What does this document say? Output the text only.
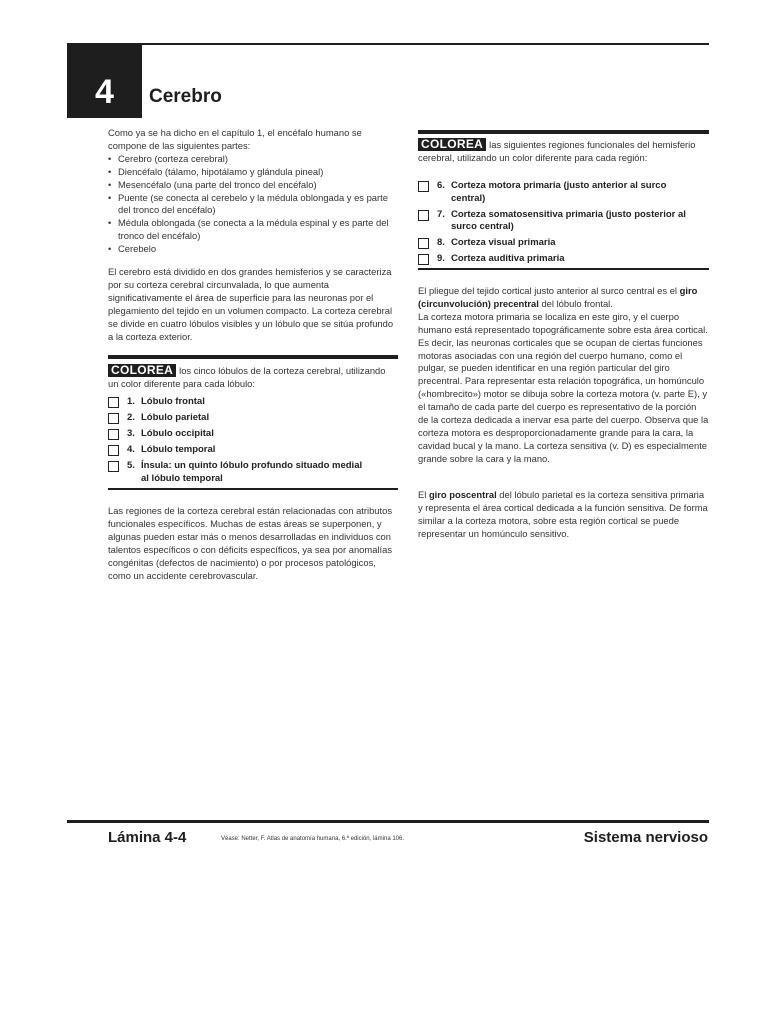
4	Cerebro
Como ya se ha dicho en el capítulo 1, el encéfalo humano se compone de las siguientes partes:
• Cerebro (corteza cerebral)
• Diencéfalo (tálamo, hipotálamo y glándula pineal)
• Mesencéfalo (una parte del tronco del encéfalo)
• Puente (se conecta al cerebelo y la médula oblongada y es parte del tronco del encéfalo)
• Médula oblongada (se conecta a la médula espinal y es parte del tronco del encéfalo)
• Cerebelo
El cerebro está dividido en dos grandes hemisferios y se caracteriza por su corteza cerebral circunvalada, lo que aumenta significativamente el área de superficie para las neuronas por el plegamiento del tejido en un volumen compacto. La corteza cerebral se divide en cuatro lóbulos visibles y un lóbulo que se sitúa profundo a la corteza exterior.
COLOREA los cinco lóbulos de la corteza cerebral, utilizando un color diferente para cada lóbulo:
1. Lóbulo frontal
2. Lóbulo parietal
3. Lóbulo occipital
4. Lóbulo temporal
5. Ínsula: un quinto lóbulo profundo situado medial al lóbulo temporal
Las regiones de la corteza cerebral están relacionadas con atributos funcionales específicos. Muchas de estas áreas se superponen, y algunas pueden estar más o menos desarrolladas en individuos con talentos específicos o con déficits específicos, ya sea por anomalías congénitas (defectos de nacimiento) o por procesos patológicos, como un accidente cerebrovascular.
COLOREA las siguientes regiones funcionales del hemisferio cerebral, utilizando un color diferente para cada región:
6. Corteza motora primaria (justo anterior al surco central)
7. Corteza somatosensitiva primaria (justo posterior al surco central)
8. Corteza visual primaria
9. Corteza auditiva primaria
El pliegue del tejido cortical justo anterior al surco central es el giro (circunvolución) precentral del lóbulo frontal.
La corteza motora primaria se localiza en este giro, y el cuerpo humano está representado topográficamente sobre esta área cortical. Es decir, las neuronas corticales que se ocupan de ciertas funciones motoras asociadas con una región del cuerpo humano, como el pulgar, se pueden identificar en una región particular del giro precentral. Para representar esta relación topográfica, un homúnculo («hombrecito») motor se dibuja sobre la corteza motora (v. parte E), y el tamaño de cada parte del cuerpo es representativo de la porción de la corteza dedicada a inervar esa parte del cuerpo. Observa que la corteza motora es desproporcionadamente grande para la cara, la cavidad bucal y la mano. La corteza sensitiva (v. D) es especialmente grande sobre la cara y la mano.
El giro poscentral del lóbulo parietal es la corteza sensitiva primaria y representa el área cortical dedicada a la función sensitiva. De forma similar a la corteza motora, sobre esta región cortical se puede representar un homúnculo sensitivo.
Lámina 4-4	Véase: Netter, F. Atlas de anatomía humana, 6.ª edición, lámina 106.	Sistema nervioso
